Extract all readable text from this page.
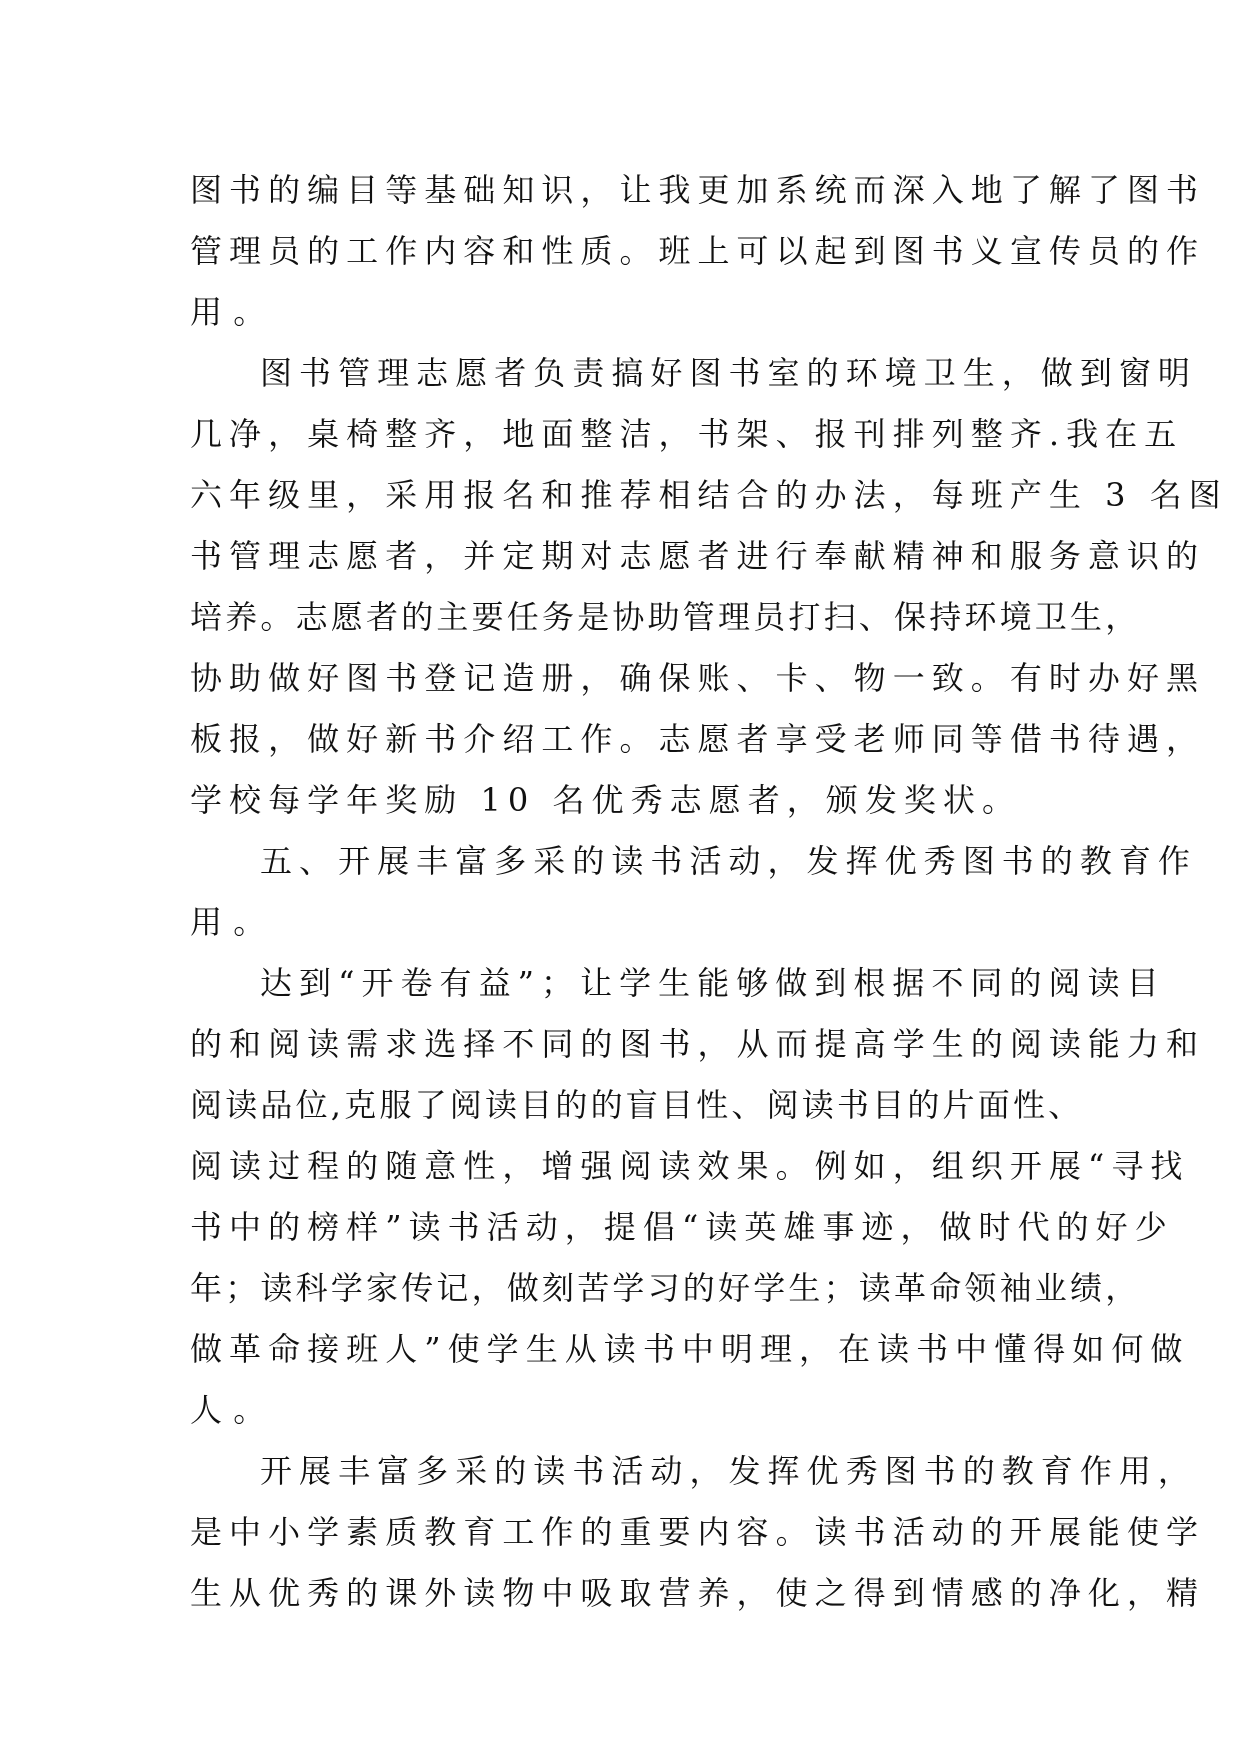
图书的编目等基础知识，让我更加系统而深入地了解了图书
管理员的工作内容和性质。班上可以起到图书义宣传员的作
用。
图书管理志愿者负责搞好图书室的环境卫生，做到窗明
几净，桌椅整齐，地面整洁，书架、报刊排列整齐.我在五
六年级里，采用报名和推荐相结合的办法，每班产生 3 名图
书管理志愿者，并定期对志愿者进行奉献精神和服务意识的
培养。志愿者的主要任务是协助管理员打扫、保持环境卫生，
协助做好图书登记造册，确保账、卡、物一致。有时办好黑
板报，做好新书介绍工作。志愿者享受老师同等借书待遇，
学校每学年奖励 10 名优秀志愿者，颁发奖状。
五、开展丰富多采的读书活动，发挥优秀图书的教育作
用。
达到“开卷有益”；让学生能够做到根据不同的阅读目
的和阅读需求选择不同的图书，从而提高学生的阅读能力和
阅读品位,克服了阅读目的的盲目性、阅读书目的片面性、
阅读过程的随意性，增强阅读效果。例如，组织开展“寻找
书中的榜样”读书活动，提倡“读英雄事迹，做时代的好少
年；读科学家传记，做刻苦学习的好学生；读革命领袖业绩，
做革命接班人”使学生从读书中明理，在读书中懂得如何做
人。
开展丰富多采的读书活动，发挥优秀图书的教育作用，
是中小学素质教育工作的重要内容。读书活动的开展能使学
生从优秀的课外读物中吸取营养，使之得到情感的净化，精
